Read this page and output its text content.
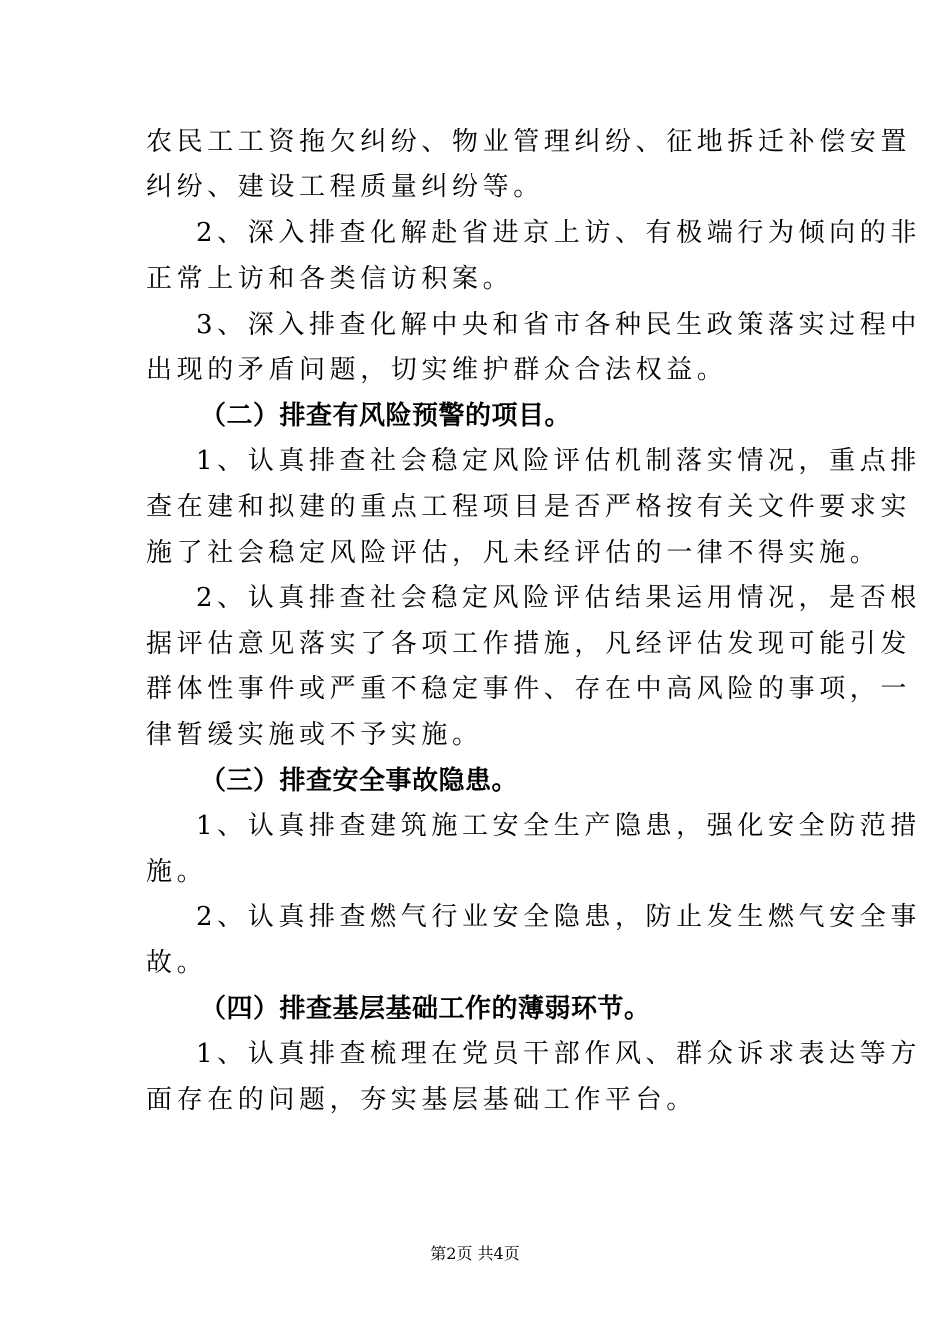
农民工工资拖欠纠纷、物业管理纠纷、征地拆迁补偿安置
纠纷、建设工程质量纠纷等。
2、深入排查化解赴省进京上访、有极端行为倾向的非
正常上访和各类信访积案。
3、深入排查化解中央和省市各种民生政策落实过程中
出现的矛盾问题，切实维护群众合法权益。
（二）排查有风险预警的项目。
1、认真排查社会稳定风险评估机制落实情况，重点排
查在建和拟建的重点工程项目是否严格按有关文件要求实
施了社会稳定风险评估，凡未经评估的一律不得实施。
2、认真排查社会稳定风险评估结果运用情况，是否根
据评估意见落实了各项工作措施，凡经评估发现可能引发
群体性事件或严重不稳定事件、存在中高风险的事项，一
律暂缓实施或不予实施。
（三）排查安全事故隐患。
1、认真排查建筑施工安全生产隐患，强化安全防范措
施。
2、认真排查燃气行业安全隐患，防止发生燃气安全事
故。
（四）排查基层基础工作的薄弱环节。
1、认真排查梳理在党员干部作风、群众诉求表达等方
面存在的问题，夯实基层基础工作平台。
第2页 共4页
